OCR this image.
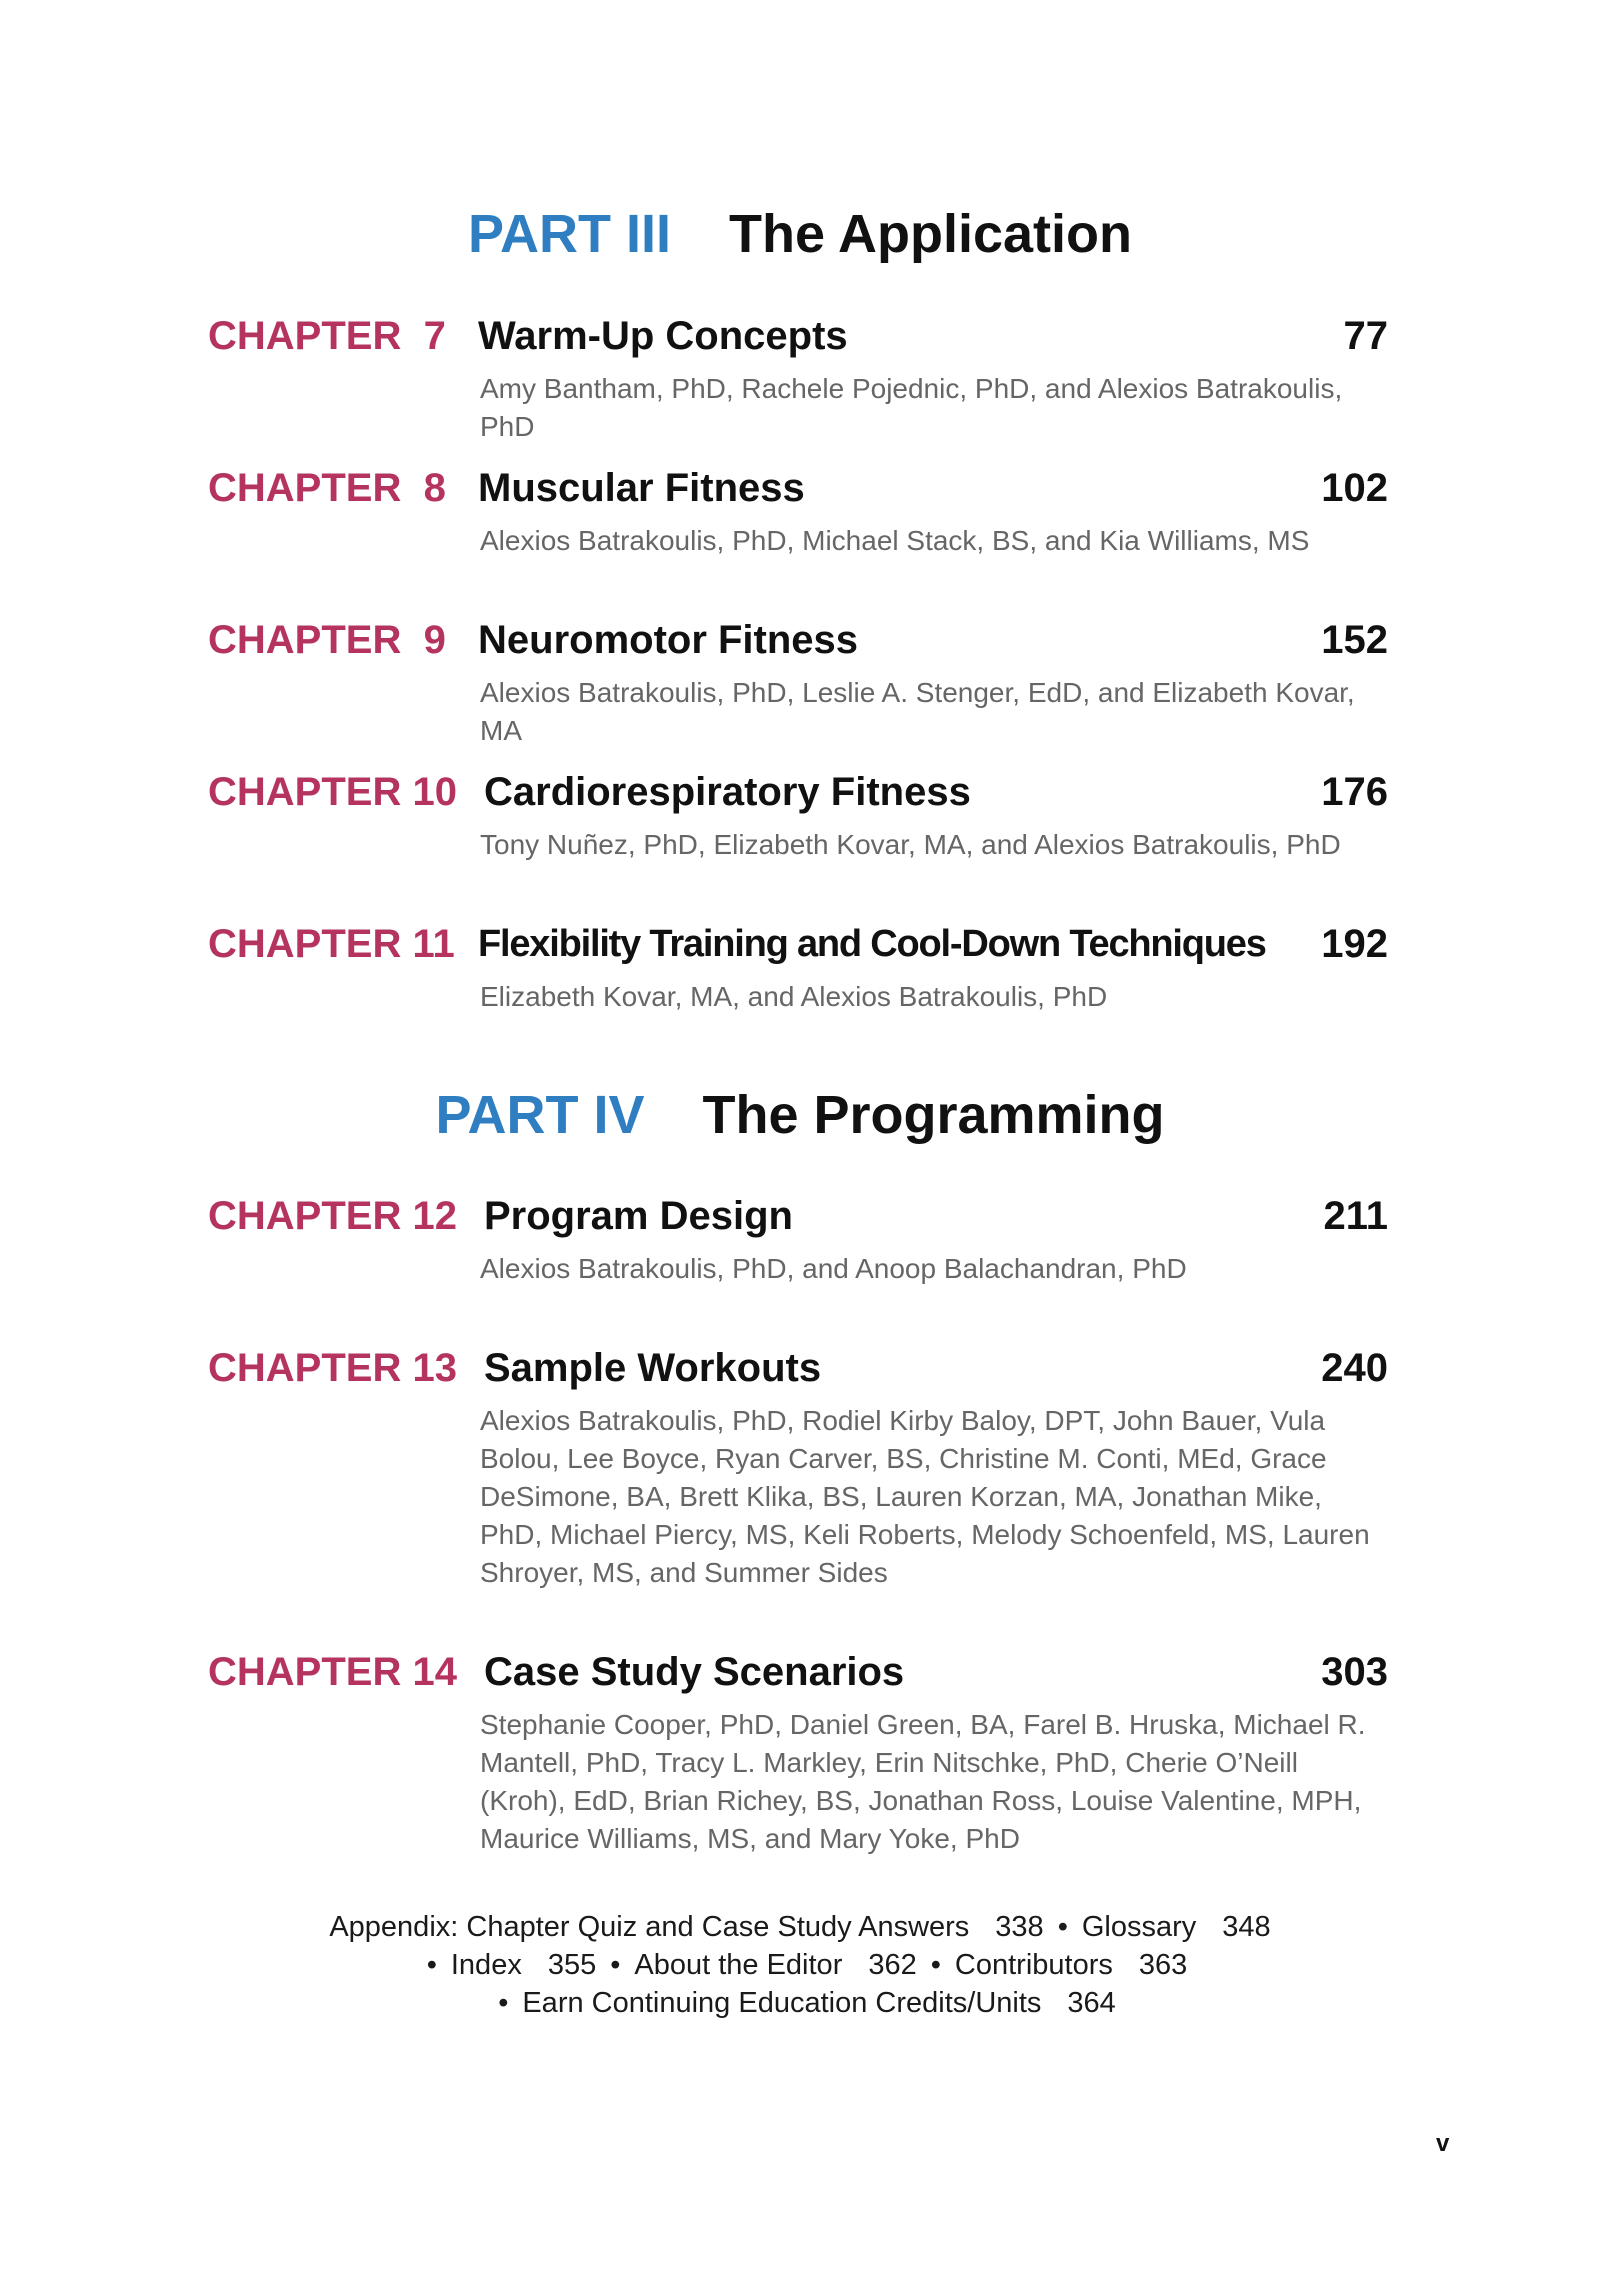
PART III The Application
CHAPTER  7 Warm-Up Concepts	77
Amy Bantham, PhD, Rachele Pojednic, PhD, and Alexios Batrakoulis, PhD
CHAPTER  8 Muscular Fitness	102
Alexios Batrakoulis, PhD, Michael Stack, BS, and Kia Williams, MS
CHAPTER  9 Neuromotor Fitness	152
Alexios Batrakoulis, PhD, Leslie A. Stenger, EdD, and Elizabeth Kovar, MA
CHAPTER 10 Cardiorespiratory Fitness	176
Tony Nuñez, PhD, Elizabeth Kovar, MA, and Alexios Batrakoulis, PhD
CHAPTER 11 Flexibility Training and Cool-Down Techniques 192
Elizabeth Kovar, MA, and Alexios Batrakoulis, PhD
PART IV The Programming
CHAPTER 12 Program Design	211
Alexios Batrakoulis, PhD, and Anoop Balachandran, PhD
CHAPTER 13 Sample Workouts	240
Alexios Batrakoulis, PhD, Rodiel Kirby Baloy, DPT, John Bauer, Vula Bolou, Lee Boyce, Ryan Carver, BS, Christine M. Conti, MEd, Grace DeSimone, BA, Brett Klika, BS, Lauren Korzan, MA, Jonathan Mike, PhD, Michael Piercy, MS, Keli Roberts, Melody Schoenfeld, MS, Lauren Shroyer, MS, and Summer Sides
CHAPTER 14 Case Study Scenarios	303
Stephanie Cooper, PhD, Daniel Green, BA, Farel B. Hruska, Michael R. Mantell, PhD, Tracy L. Markley, Erin Nitschke, PhD, Cherie O’Neill (Kroh), EdD, Brian Richey, BS, Jonathan Ross, Louise Valentine, MPH, Maurice Williams, MS, and Mary Yoke, PhD
Appendix: Chapter Quiz and Case Study Answers 338 • Glossary 348
• Index 355 • About the Editor 362 • Contributors 363
• Earn Continuing Education Credits/Units 364
v
